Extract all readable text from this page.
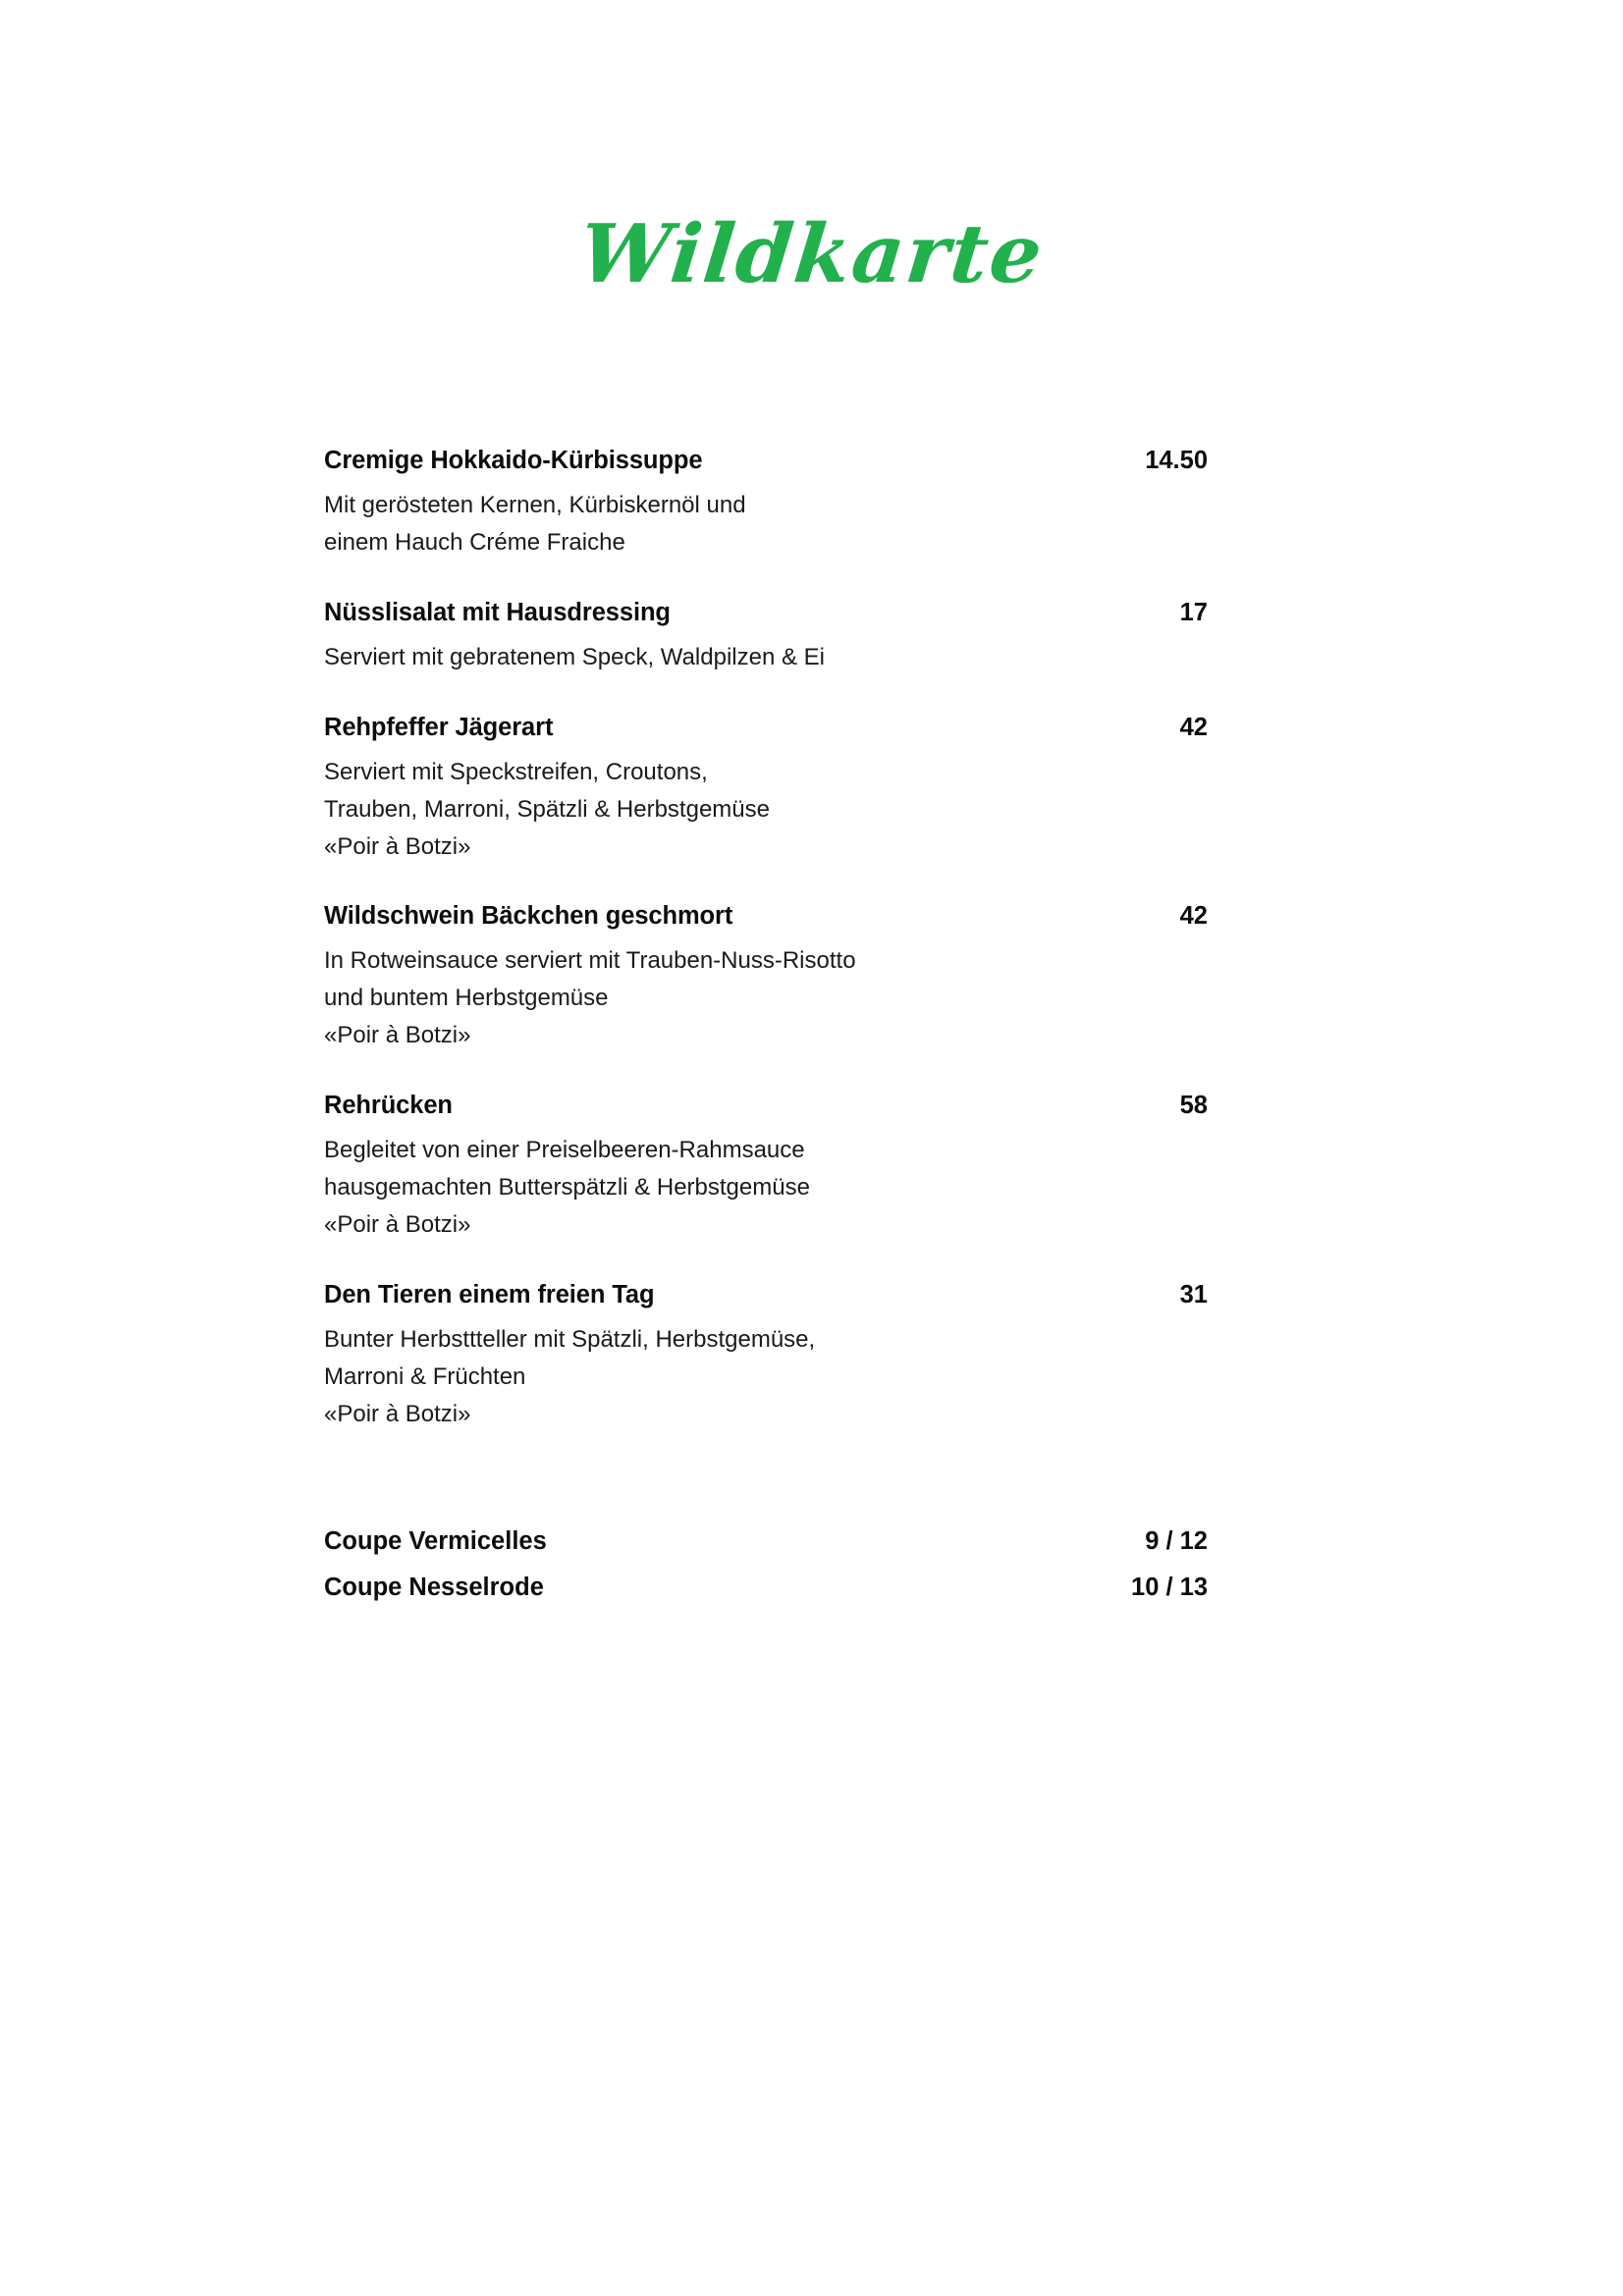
Wildkarte
Cremige Hokkaido-Kürbissuppe	14.50
Mit gerösteten Kernen, Kürbiskernöl und
einem Hauch Créme Fraiche
Nüsslisalat mit Hausdressing	17
Serviert mit gebratenem Speck, Waldpilzen & Ei
Rehpfeffer Jägerart	42
Serviert mit Speckstreifen, Croutons,
Trauben, Marroni, Spätzli & Herbstgemüse
«Poir à Botzi»
Wildschwein Bäckchen geschmort	42
In Rotweinsauce serviert mit Trauben-Nuss-Risotto
und buntem Herbstgemüse
«Poir à Botzi»
Rehrücken	58
Begleitet von einer Preiselbeeren-Rahmsauce
hausgemachten Butterspätzli & Herbstgemüse
«Poir à Botzi»
Den Tieren einem freien Tag	31
Bunter Herbsttteller mit Spätzli, Herbstgemüse,
Marroni & Früchten
«Poir à Botzi»
Coupe Vermicelles	9 / 12
Coupe Nesselrode	10 / 13
